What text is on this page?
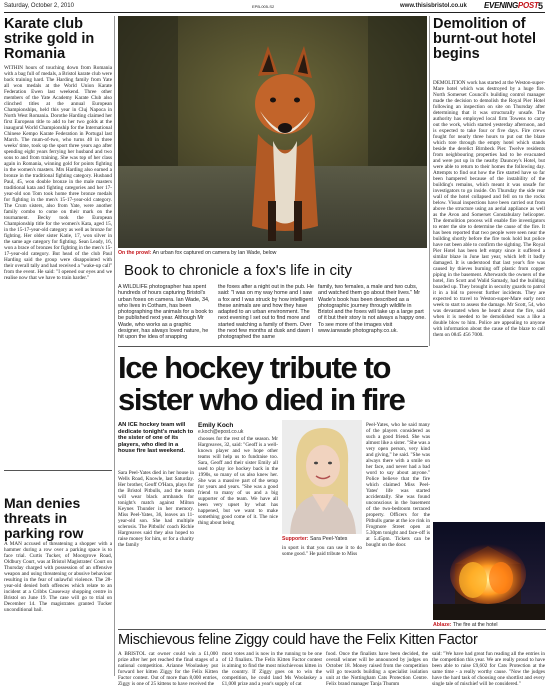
Saturday, October 2, 2010	EPB-005-S2	www.thisisbristol.co.uk EVENINGPOST 5
Karate club strike gold in Romania
WITHIN hours of touching down from Romania with a bag full of medals, a Bristol karate club were back training hard. The Harding family from Yate all won medals at the World Union Karate Federation Ewen last weekend. Three other members of the Yate Academy Karate Club also clinched titles at the annual European Championships, held this year in Cluj Napoca in North West Romania. Dorothe Harding claimed her first European title to add to her two golds at the inaugural World Championship for the International Chinese Kempo Karate Federation in Portugal last March. The mum-of-two, who turns 40 in three weeks' time, took up the sport three years ago after spending eight years ferrying her husband and two sons to and from training. She was top of her class again in Romania, winning gold for points fighting in the women's masters. Mrs Harding also earned a bronze in the traditional fighting category. Husband Paul, 45, won double bronze in the male masters traditional kata and fighting categories and her 17-year-old son Tom took home three bronze medals for fighting in the men's 15-17-year-old category. The Crum sisters, also from Yate, were another family combo to come on their mark on the tournament. Becky took the European Championship title for the women's Kata, aged 15, in the 15-17-year-old category as well as bronze for fighting. Her older sister Katie, 17, won silver in the same age category for fighting. Sean Leady, 16, won a brace of bronzes for fighting in the men's 15-17-year-old category. But head of the club Paul Harding said the group were disappointed with their overall tally and had received a "wake-up call" from the event. He said: "I opened our eyes and we realise now that we have to train harder."
Man denies threats in parking row
A MAN accused of threatening a shopper with a hammer during a row over a parking space is to face trial. Curtis Tucker, of Moorgrove Road, Oldbury Court, was at Bristol Magistrates' Court on Thursday charged with possession of an offensive weapon and using threatening or abusive behaviour resulting in the fear of unlawful violence. The 28-year-old denied both offences which relate to an incident at a Cribbs Causeway shopping centre in Bristol on June 19. The case will go to trial on December 14. The magistrates granted Tucker unconditional bail.
On the prowl: An urban fox captured on camera by Ian Wade, below
Book to chronicle a fox's life in city
A WILDLIFE photographer has spent hundreds of hours capturing Bristol's urban foxes on camera. Ian Wade, 34, who lives in Cotham, has been photographing the animals for a book to be published next year. Although Mr Wade, who works as a graphic designer, has always loved nature, he hit upon the idea of snapping
the foxes after a night out in the pub. He said: "I was on my way home and I saw a fox and I was struck by how intelligent these animals are and how they have adapted to an urban environment. The next evening I set out to find more and started watching a family of them. Over the next few months at dusk and dawn I photographed the same
family, two females, a male and two cubs, and watched them go about their lives." Mr Wade's book has been described as a photographic journey through wildlife in Bristol and the foxes will take up a large part of it but their story is not always a happy one. To see more of the images visit www.ianwade photography.co.uk.
Demolition of burnt-out hotel begins
DEMOLITION work has started at the Weston-super-Mare hotel which was destroyed by a huge fire. North Somerset Council's building control manager made the decision to demolish the Royal Pier Hotel following an inspection on site on Thursday after determining that it was structurally unsafe. The authority has employed local firm Towens to carry out the work, which started yesterday afternoon, and is expected to take four or five days. Fire crews fought for nearly three hours to put out the blaze which tore through the empty hotel which stands beside the derelict Birnbeck Pier. Twelve residents from neighbouring properties had to be evacuated and were put up in the nearby Dauncey's Hotel, but were able to return to their homes the following day. Attempts to find out how the fire started have so far been hampered because of the instability of the building's remains, which meant it was unsafe for investigators to go inside. On Thursday the side rear wall of the hotel collapsed and fell on to the rocks below. Visual inspections have been carried out from above the structure using an aerial appliance as well as the Avon and Somerset Constabulary helicopter. The demolition process will enable fire investigators to enter the site to determine the cause of the fire. It has been reported that two people were seen near the building shortly before the fire took hold but police have not been able to confirm the sighting. The Royal Pier Hotel has been left empty since it suffered a similar blaze in June last year, which left it badly damaged. It is understood that last year's fire was caused by thieves burning off plastic from copper piping in the basement. Afterwards the owners of the hotel, Jim Scott and Walid Samady, had the building boarded up. They brought in security guards to patrol it in a bid to prevent further incidents. They are expected to travel to Weston-super-Mare early next week to start to assess the damage. Mr Scott, 54, who was devastated when he heard about the fire, said when it is needed to be demolished was a like a double blow to him. Police are appealing to anyone with information about the cause of the blaze to call them on 0845 456 7000.
Ice hockey tribute to
sister who died in fire
AN ICE hockey team will dedicate tonight's match to the sister of one of its players, who died in a house fire last weekend.
Sara Peel-Yates died in her house in Wells Road, Knowle, last Saturday. Her brother, Geoff O'Hara, plays for the Bristol Pitbulls, and the team will wear black armbands for tonight's match against Milton Keynes Thunder in her memory. Miss Peel-Yates, 36, leaves an 11-year-old son. She had multiple sclerosis. The Pitbulls' coach Richie Hargreaves said they also hoped to raise money for him, or for a charity the family
Emily Koch
e.koch@epost.co.uk
chooses for the rest of the season. Mr Hargreaves, 32, said: "Geoff is a well-known player and we hope other teams will help us to fundraise too. Sara, Geoff and their sister Emily all used to play ice hockey back in the 1990s, so many of us also knew her. She was a massive part of the setup for years and years. "She was a good friend to many of us and a big supporter of the team. We have all been very upset by what has happened, but we want to make something good come of it. The nice thing about being
Supporter: Sara Peel-Yates
in sport is that you can use it to do some good." He paid tribute to Miss
Peel-Yates, who he said many of the players considered as such a good friend. She was almost like a sister. "She was a very open person, very kind and giving," he said. "She was always there with a smile on her face, and never had a bad word to say about anyone." Police believe that the fire which claimed Miss Peel-Yates' life was started accidentally. She was found unconscious in the basement of the two-bedroom terraced property. Officers for the Pitbulls game at the ice rink in Frogmore Street open at 5.30pm tonight and face-off is at 5.45pm. Tickets can be bought on the door.
Ablaze: The fire at the hotel
Mischievous feline Ziggy could have the Felix Kitten Factor
A BRISTOL cat owner could win a £1,000 prize after her pet reached the final stages of a national competition. Arianne Woolaskey put forward her kitten Ziggy for the Felix Kitten Factor contest. Out of more than 8,000 entries, Ziggy is one of 25 kittens to have received the
most votes and is now in the running to be one of 12 finalists. The Felix Kitten Factor contest is aiming to find the most mischievous kitten in the country. If Ziggy goes on to win the competition, he could land Ms Woolaskey a £1,000 prize and a year's supply of cat
food. Once the finalists have been decided, the overall winner will be announced by judges on October 18. Money raised from the competition will go towards building a specialist isolation unit at the Nottingham Cats Protection Centre. Felix brand manager Tanja Thumm
said: "We have had great fun reading all the entries in the competition this year. We are really proud to have been able to raise £9,602 for Cats Protection at the same time - a really worthy cause. "Now the judges have the hard task of choosing one shortlist and every single tale of mischief will be considered."
